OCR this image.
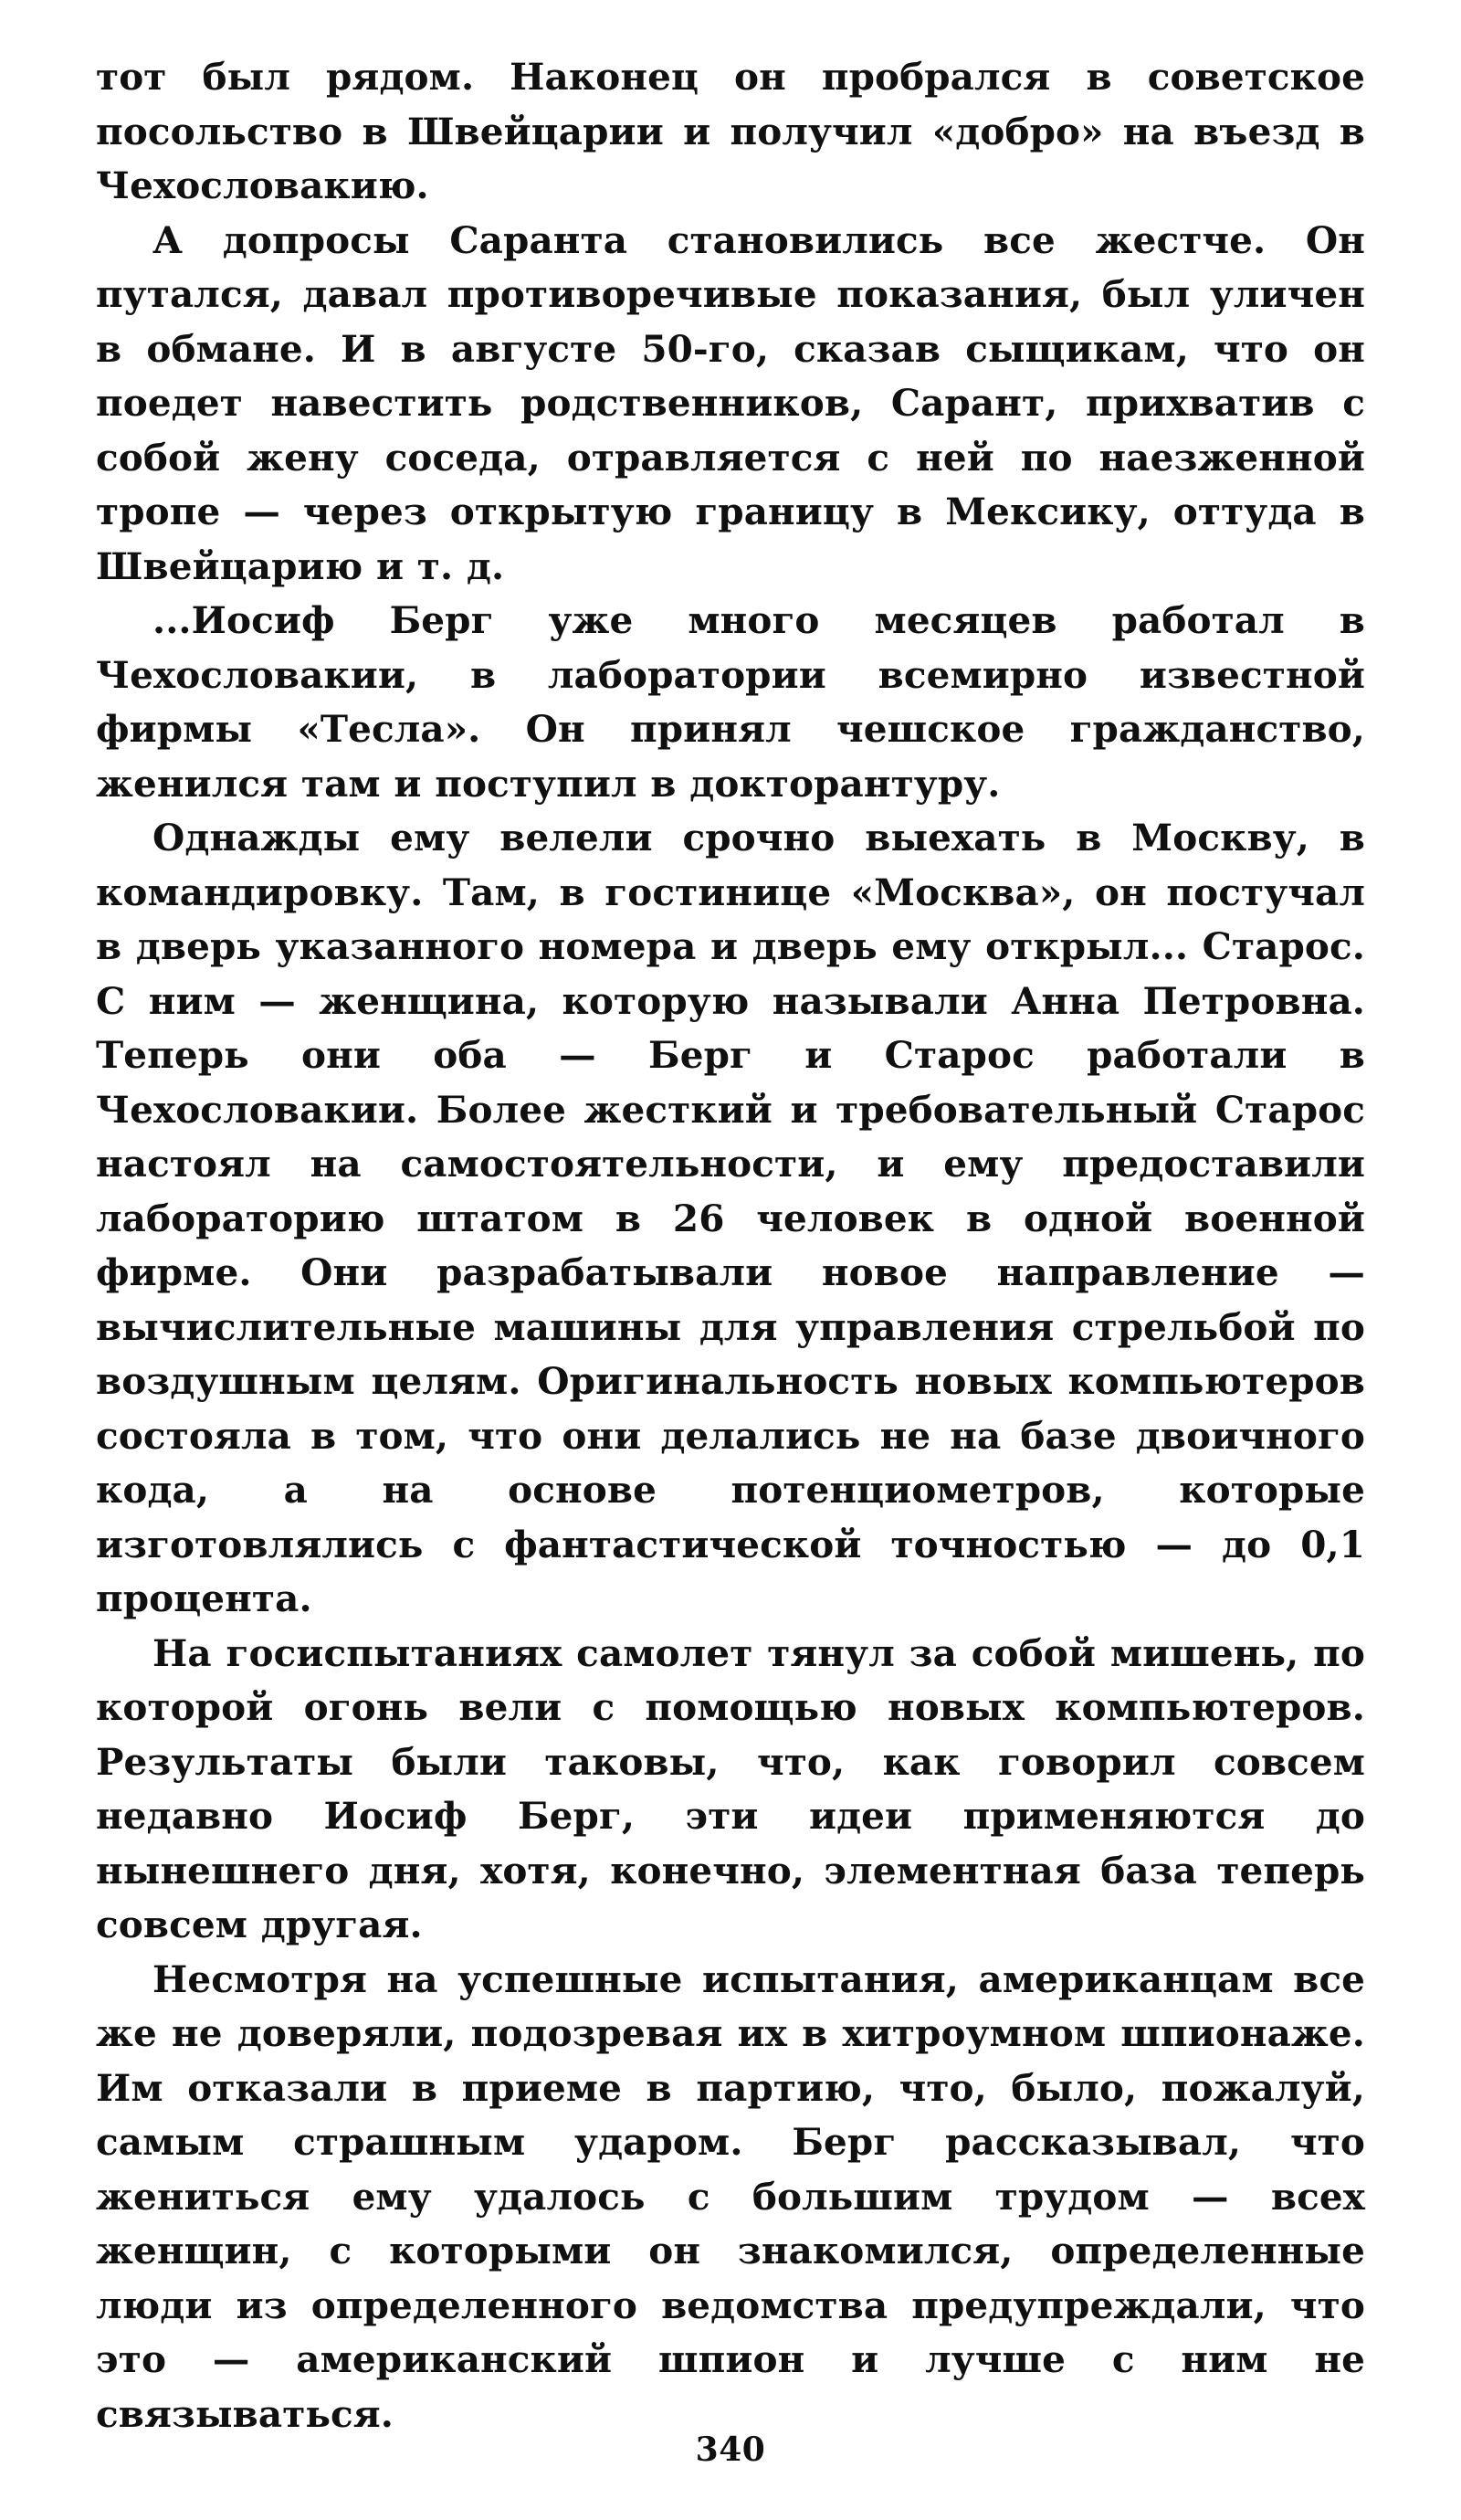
тот был рядом. Наконец он пробрался в советское посольство в Швейцарии и получил «добро» на въезд в Чехословакию.

А допросы Саранта становились все жестче. Он путался, давал противоречивые показания, был уличен в обмане. И в августе 50-го, сказав сыщикам, что он поедет навестить родственников, Сарант, прихватив с собой жену соседа, отравляется с ней по наезженной тропе — через открытую границу в Мексику, оттуда в Швейцарию и т. д.

...Иосиф Берг уже много месяцев работал в Чехословакии, в лаборатории всемирно известной фирмы «Тесла». Он принял чешское гражданство, женился там и поступил в докторантуру.

Однажды ему велели срочно выехать в Москву, в командировку. Там, в гостинице «Москва», он постучал в дверь указанного номера и дверь ему открыл... Старос. С ним — женщина, которую называли Анна Петровна. Теперь они оба — Берг и Старос работали в Чехословакии. Более жесткий и требовательный Старос настоял на самостоятельности, и ему предоставили лабораторию штатом в 26 человек в одной военной фирме. Они разрабатывали новое направление — вычислительные машины для управления стрельбой по воздушным целям. Оригинальность новых компьютеров состояла в том, что они делались не на базе двоичного кода, а на основе потенциометров, которые изготовлялись с фантастической точностью — до 0,1 процента.

На госиспытаниях самолет тянул за собой мишень, по которой огонь вели с помощью новых компьютеров. Результаты были таковы, что, как говорил совсем недавно Иосиф Берг, эти идеи применяются до нынешнего дня, хотя, конечно, элементная база теперь совсем другая.

Несмотря на успешные испытания, американцам все же не доверяли, подозревая их в хитроумном шпионаже. Им отказали в приеме в партию, что, было, пожалуй, самым страшным ударом. Берг рассказывал, что жениться ему удалось с большим трудом — всех женщин, с которыми он знакомился, определенные люди из определенного ведомства предупреждали, что это — американский шпион и лучше с ним не связываться.

340
